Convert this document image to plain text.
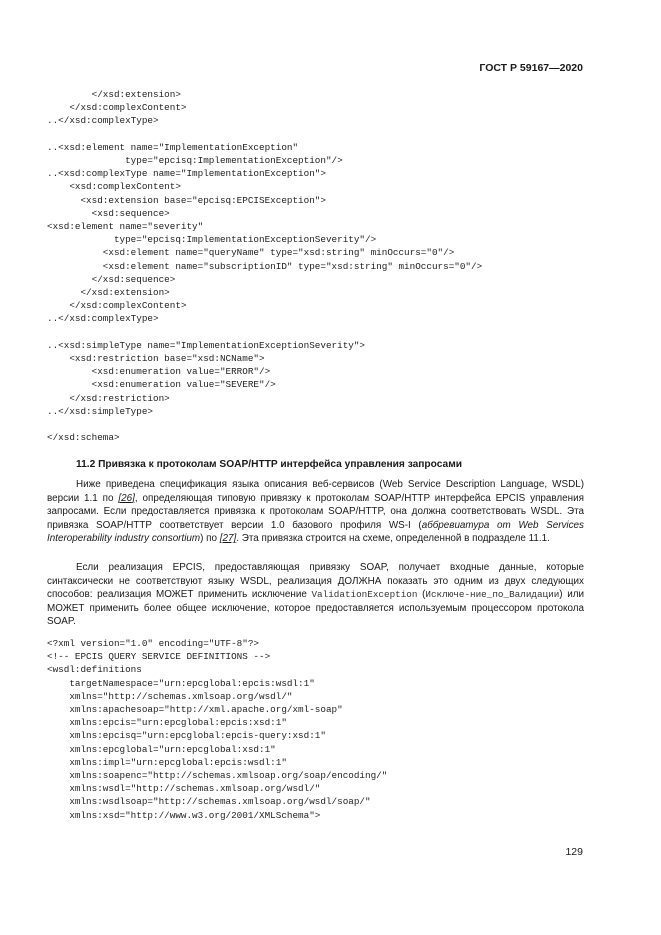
ГОСТ Р 59167—2020
</xsd:extension>
</xsd:complexContent>
..</xsd:complexType>

..<xsd:element name="ImplementationException"
type="epcisq:ImplementationException"/>
..<xsd:complexType name="ImplementationException">
<xsd:complexContent>
<xsd:extension base="epcisq:EPCISException">
<xsd:sequence>
<xsd:element name="severity"
type="epcisq:ImplementationExceptionSeverity"/>
<xsd:element name="queryName" type="xsd:string" minOccurs="0"/>
<xsd:element name="subscriptionID" type="xsd:string" minOccurs="0"/>
</xsd:sequence>
</xsd:extension>
</xsd:complexContent>
..</xsd:complexType>

..<xsd:simpleType name="ImplementationExceptionSeverity">
<xsd:restriction base="xsd:NCName">
<xsd:enumeration value="ERROR"/>
<xsd:enumeration value="SEVERE"/>
</xsd:restriction>
..</xsd:simpleType>

</xsd:schema>
11.2 Привязка к протоколам SOAP/HTTP интерфейса управления запросами

Ниже приведена спецификация языка описания веб-сервисов (Web Service Description Language, WSDL) версии 1.1 по [26], определяющая типовую привязку к протоколам SOAP/HTTP интерфейса EPCIS управления запросами. Если предоставляется привязка к протоколам SOAP/HTTP, она должна соответствовать WSDL. Эта привязка SOAP/HTTP соответствует версии 1.0 базового профиля WS-I (аббревиатура от Web Services Interoperability industry consortium) по [27]. Эта привязка строится на схеме, определенной в подразделе 11.1.

Если реализация EPCIS, предоставляющая привязку SOAP, получает входные данные, которые синтаксически не соответствуют языку WSDL, реализация ДОЛЖНА показать это одним из двух следующих способов: реализация МОЖЕТ применить исключение ValidationException (Исключе-ние_по_Валидации) или МОЖЕТ применить более общее исключение, которое предоставляется используемым процессором протокола SOAP.

<?xml version="1.0" encoding="UTF-8"?>
<!-- EPCIS QUERY SERVICE DEFINITIONS -->
<wsdl:definitions
targetNamespace="urn:epcglobal:epcis:wsdl:1"
xmlns="http://schemas.xmlsoap.org/wsdl/"
xmlns:apachesoap="http://xml.apache.org/xml-soap"
xmlns:epcis="urn:epcglobal:epcis:xsd:1"
xmlns:epcisq="urn:epcglobal:epcis-query:xsd:1"
xmlns:epcglobal="urn:epcglobal:xsd:1"
xmlns:impl="urn:epcglobal:epcis:wsdl:1"
xmlns:soapenc="http://schemas.xmlsoap.org/soap/encoding/"
xmlns:wsdl="http://schemas.xmlsoap.org/wsdl/"
xmlns:wsdlsoap="http://schemas.xmlsoap.org/wsdl/soap/"
xmlns:xsd="http://www.w3.org/2001/XMLSchema">
129
